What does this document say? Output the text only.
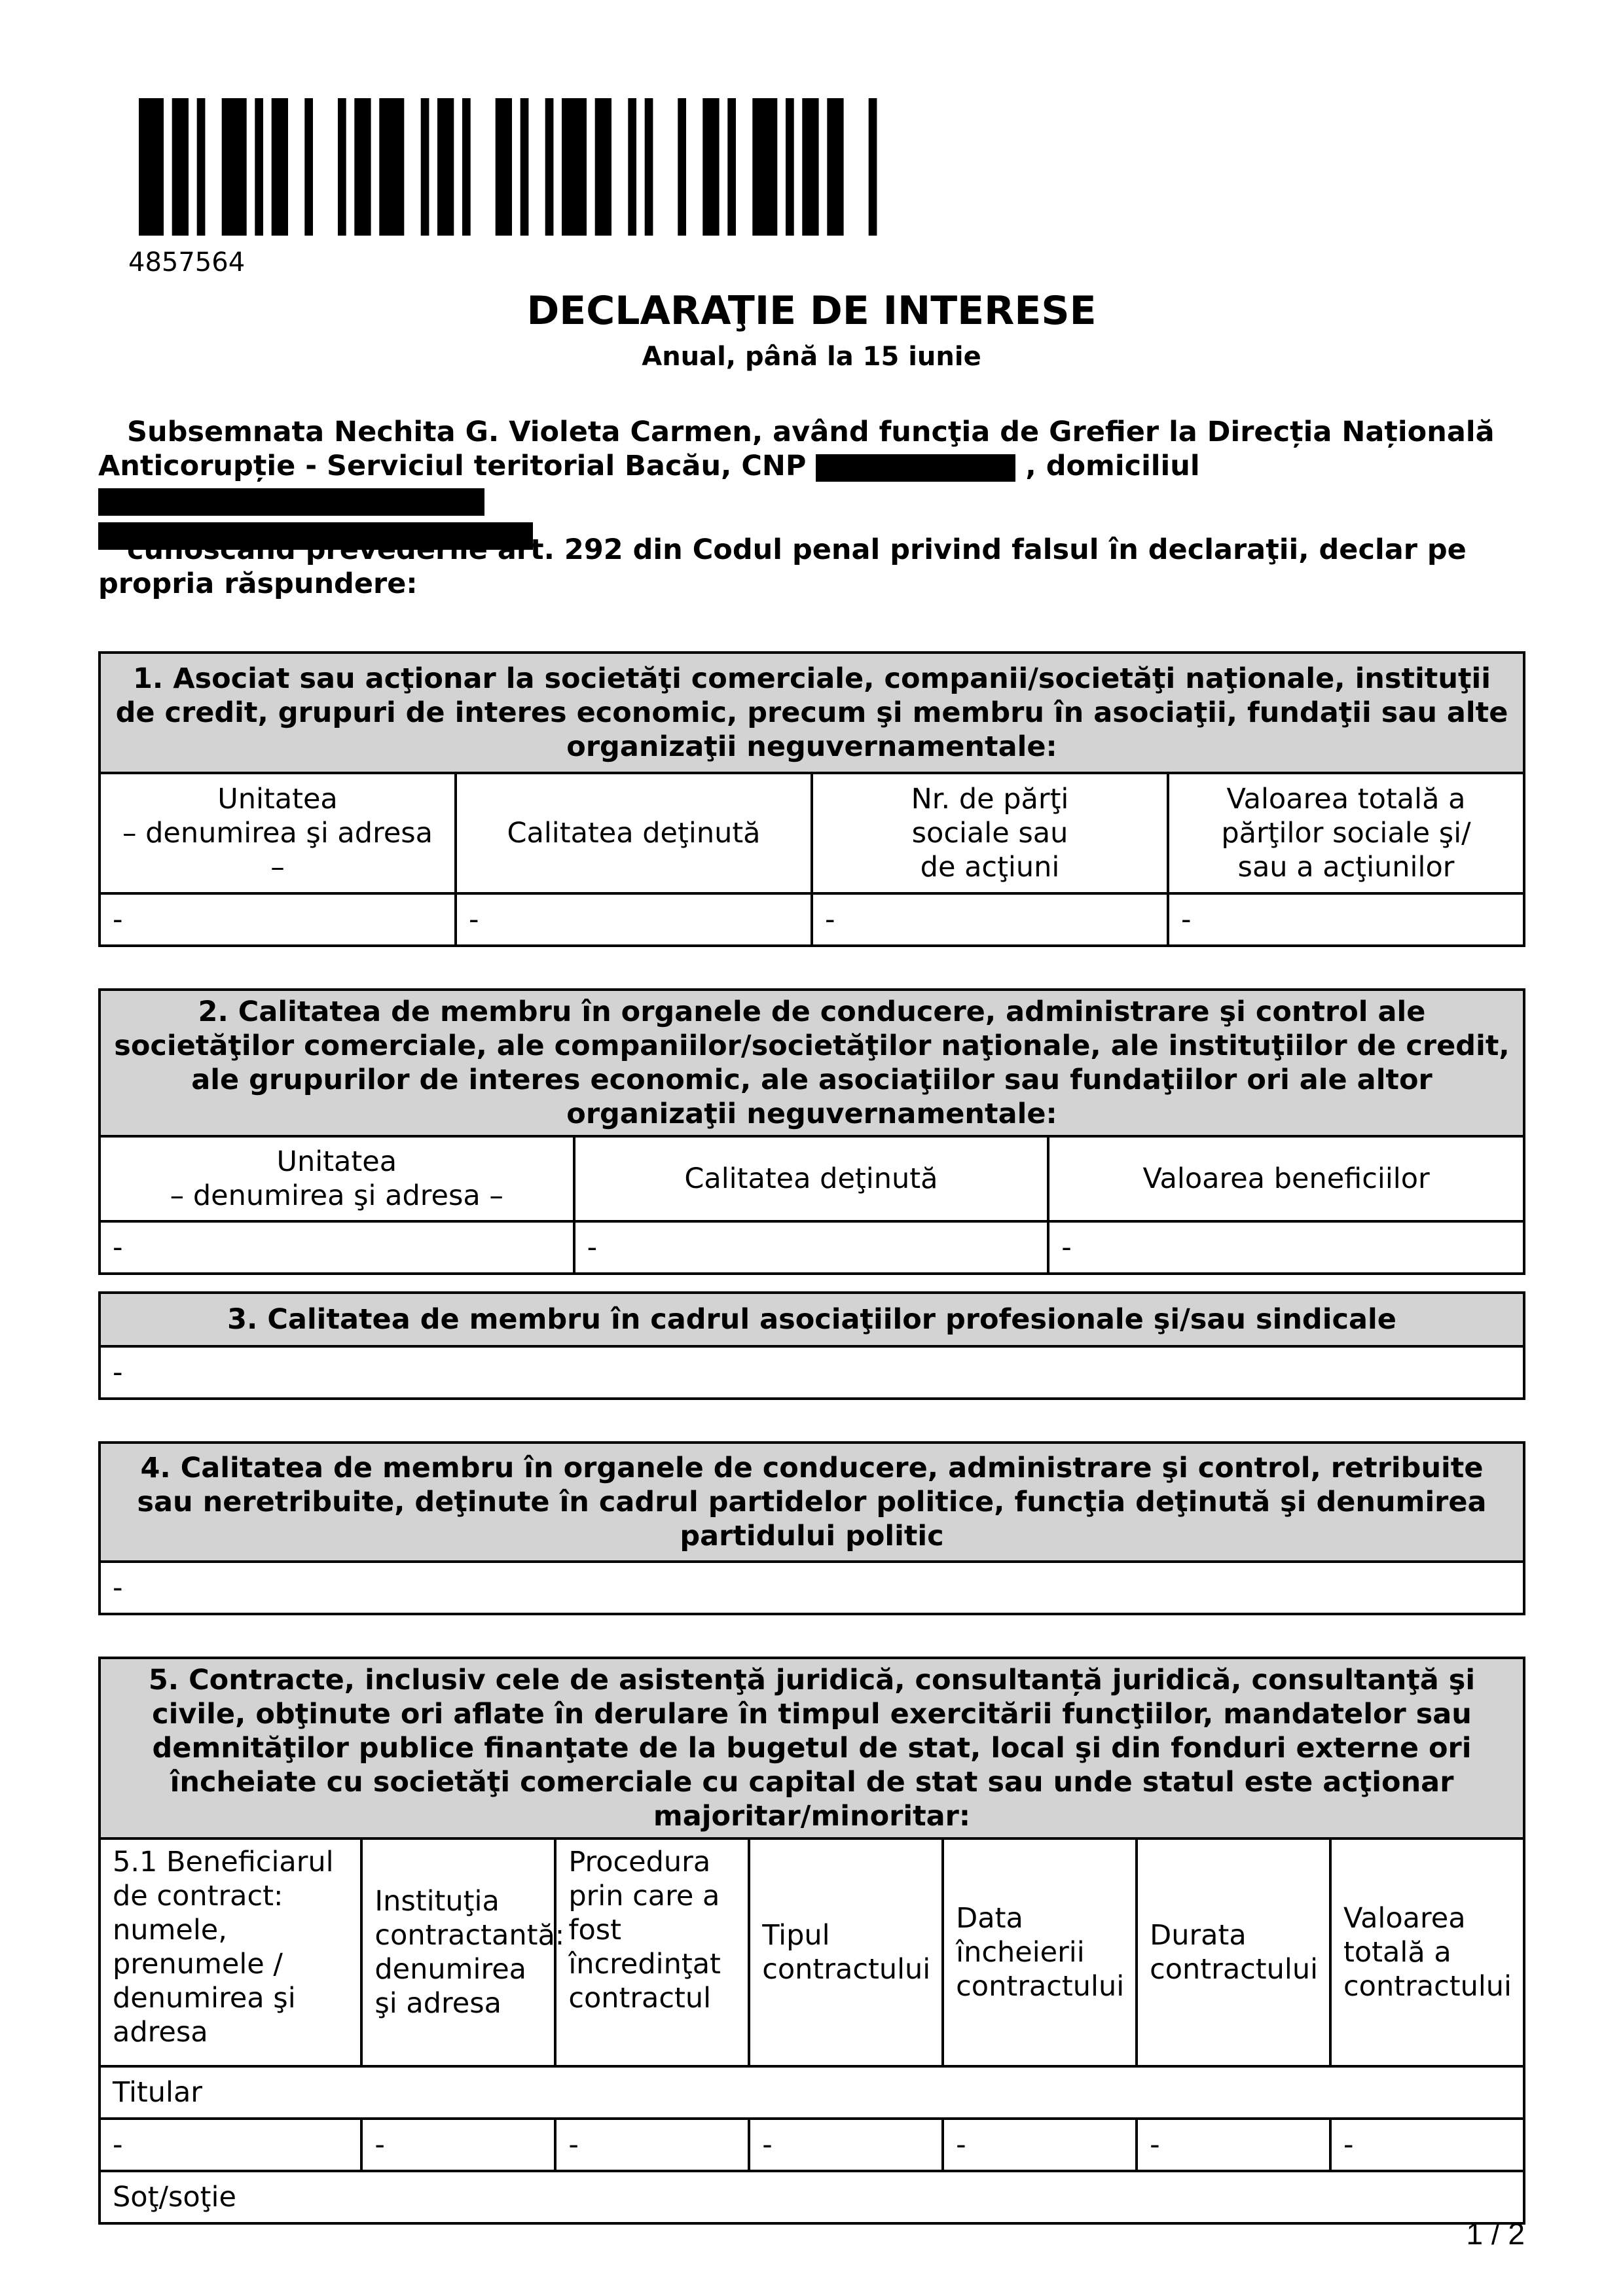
4857564
DECLARAŢIE DE INTERESE
Anual, până la 15 iunie
Subsemnata Nechita G. Violeta Carmen, având funcţia de Grefier la Direcția Națională Anticorupție - Serviciul teritorial Bacău, CNP	, domiciliul

cunoscând prevederile art. 292 din Codul penal privind falsul în declaraţii, declar pe propria răspundere:
1. Asociat sau acţionar la societăţi comerciale, companii/societăţi naţionale, instituţii de credit, grupuri de interes economic, precum şi membru în asociaţii, fundaţii sau alte organizaţii neguvernamentale:			
Unitatea
– denumirea şi adresa –	Calitatea deţinută	Nr. de părţi
sociale sau
de acţiuni	Valoarea totală a
părţilor sociale şi/
sau a acţiunilor
-	-	-	-
2. Calitatea de membru în organele de conducere, administrare şi control ale societăţilor comerciale, ale companiilor/societăţilor naţionale, ale instituţiilor de credit, ale grupurilor de interes economic, ale asociaţiilor sau fundaţiilor ori ale altor organizaţii neguvernamentale:		
Unitatea
– denumirea şi adresa –	Calitatea deţinută	Valoarea beneficiilor
-	-	-
3. Calitatea de membru în cadrul asociaţiilor profesionale şi/sau sindicale
-
4. Calitatea de membru în organele de conducere, administrare şi control, retribuite sau neretribuite, deţinute în cadrul partidelor politice, funcţia deţinută şi denumirea partidului politic
-
5. Contracte, inclusiv cele de asistenţă juridică, consultanță juridică, consultanţă şi civile, obţinute ori aflate în derulare în timpul exercitării funcţiilor, mandatelor sau demnităţilor publice finanţate de la bugetul de stat, local şi din fonduri externe ori încheiate cu societăţi comerciale cu capital de stat sau unde statul este acţionar majoritar/minoritar:						
5.1 Beneficiarul de contract: numele, prenumele / denumirea şi adresa	Instituţia contractantă: denumirea şi adresa	Procedura prin care a fost încredinţat contractul	Tipul contractului	Data încheierii contractului	Durata contractului	Valoarea totală a contractului
Titular						
-	-	-	-	-	-	-
Soţ/soţie						
1 / 2
